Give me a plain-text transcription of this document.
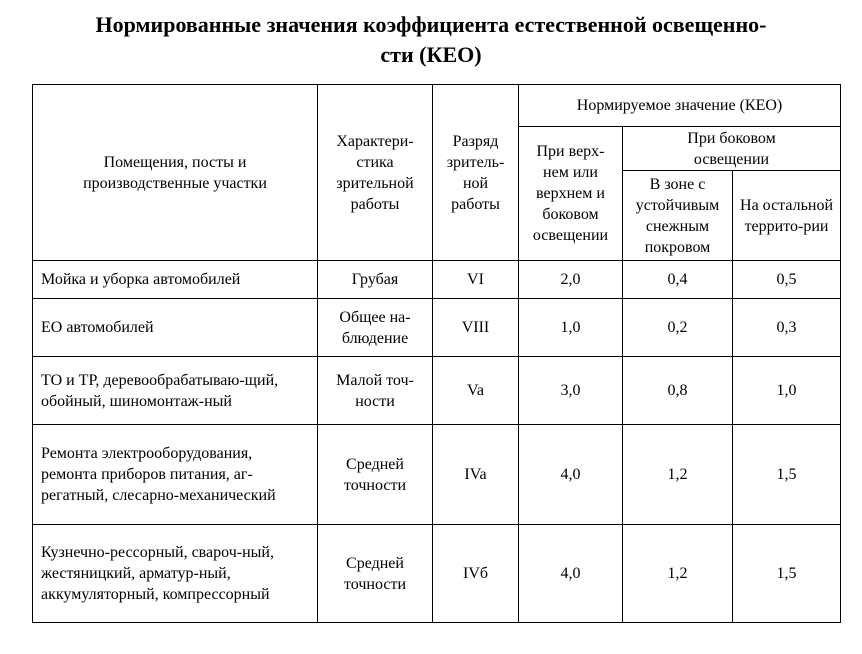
Нормированные значения коэффициента естественной освещенно-
сти (КЕО)
Помещения, посты и производственные участки	Характери-стика зрительной работы	Разряд зритель-ной работы	Нормируемое значение (КЕО)		
			При верх-нем или верхнем и боковом освещении	При боковом освещении	
				В зоне с устойчивым снежным покровом	На остальной террито-рии
Мойка и уборка автомобилей	Грубая	VI	2,0	0,4	0,5
ЕО автомобилей	Общее на-блюдение	VIII	1,0	0,2	0,3
ТО и ТР, деревообрабатываю-щий, обойный, шиномонтаж-ный	Малой точ-ности	Va	3,0	0,8	1,0
Ремонта электрооборудования, ремонта приборов питания, аг-регатный, слесарно-механический	Средней точности	IVa	4,0	1,2	1,5
Кузнечно-рессорный, свароч-ный, жестяницкий, арматур-ный, аккумуляторный, компрессорный	Средней точности	IVб	4,0	1,2	1,5
